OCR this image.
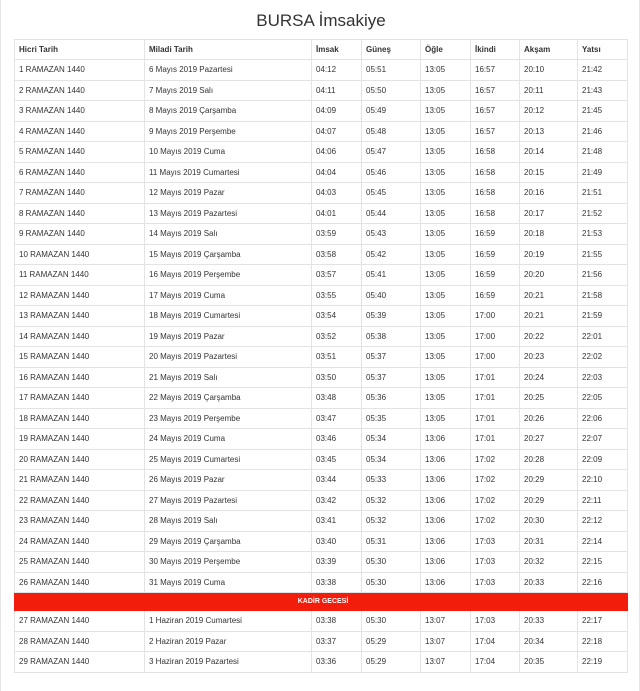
BURSA İmsakiye
Hicri Tarih	Miladi Tarih	İmsak	Güneş	Öğle	İkindi	Akşam	Yatsı
1 RAMAZAN 1440	6 Mayıs 2019 Pazartesi	04:12	05:51	13:05	16:57	20:10	21:42
2 RAMAZAN 1440	7 Mayıs 2019 Salı	04:11	05:50	13:05	16:57	20:11	21:43
3 RAMAZAN 1440	8 Mayıs 2019 Çarşamba	04:09	05:49	13:05	16:57	20:12	21:45
4 RAMAZAN 1440	9 Mayıs 2019 Perşembe	04:07	05:48	13:05	16:57	20:13	21:46
5 RAMAZAN 1440	10 Mayıs 2019 Cuma	04:06	05:47	13:05	16:58	20:14	21:48
6 RAMAZAN 1440	11 Mayıs 2019 Cumartesi	04:04	05:46	13:05	16:58	20:15	21:49
7 RAMAZAN 1440	12 Mayıs 2019 Pazar	04:03	05:45	13:05	16:58	20:16	21:51
8 RAMAZAN 1440	13 Mayıs 2019 Pazartesi	04:01	05:44	13:05	16:58	20:17	21:52
9 RAMAZAN 1440	14 Mayıs 2019 Salı	03:59	05:43	13:05	16:59	20:18	21:53
10 RAMAZAN 1440	15 Mayıs 2019 Çarşamba	03:58	05:42	13:05	16:59	20:19	21:55
11 RAMAZAN 1440	16 Mayıs 2019 Perşembe	03:57	05:41	13:05	16:59	20:20	21:56
12 RAMAZAN 1440	17 Mayıs 2019 Cuma	03:55	05:40	13:05	16:59	20:21	21:58
13 RAMAZAN 1440	18 Mayıs 2019 Cumartesi	03:54	05:39	13:05	17:00	20:21	21:59
14 RAMAZAN 1440	19 Mayıs 2019 Pazar	03:52	05:38	13:05	17:00	20:22	22:01
15 RAMAZAN 1440	20 Mayıs 2019 Pazartesi	03:51	05:37	13:05	17:00	20:23	22:02
16 RAMAZAN 1440	21 Mayıs 2019 Salı	03:50	05:37	13:05	17:01	20:24	22:03
17 RAMAZAN 1440	22 Mayıs 2019 Çarşamba	03:48	05:36	13:05	17:01	20:25	22:05
18 RAMAZAN 1440	23 Mayıs 2019 Perşembe	03:47	05:35	13:05	17:01	20:26	22:06
19 RAMAZAN 1440	24 Mayıs 2019 Cuma	03:46	05:34	13:06	17:01	20:27	22:07
20 RAMAZAN 1440	25 Mayıs 2019 Cumartesi	03:45	05:34	13:06	17:02	20:28	22:09
21 RAMAZAN 1440	26 Mayıs 2019 Pazar	03:44	05:33	13:06	17:02	20:29	22:10
22 RAMAZAN 1440	27 Mayıs 2019 Pazartesi	03:42	05:32	13:06	17:02	20:29	22:11
23 RAMAZAN 1440	28 Mayıs 2019 Salı	03:41	05:32	13:06	17:02	20:30	22:12
24 RAMAZAN 1440	29 Mayıs 2019 Çarşamba	03:40	05:31	13:06	17:03	20:31	22:14
25 RAMAZAN 1440	30 Mayıs 2019 Perşembe	03:39	05:30	13:06	17:03	20:32	22:15
26 RAMAZAN 1440	31 Mayıs 2019 Cuma	03:38	05:30	13:06	17:03	20:33	22:16
KADİR GECESİ							
27 RAMAZAN 1440	1 Haziran 2019 Cumartesi	03:38	05:30	13:07	17:03	20:33	22:17
28 RAMAZAN 1440	2 Haziran 2019 Pazar	03:37	05:29	13:07	17:04	20:34	22:18
29 RAMAZAN 1440	3 Haziran 2019 Pazartesi	03:36	05:29	13:07	17:04	20:35	22:19
